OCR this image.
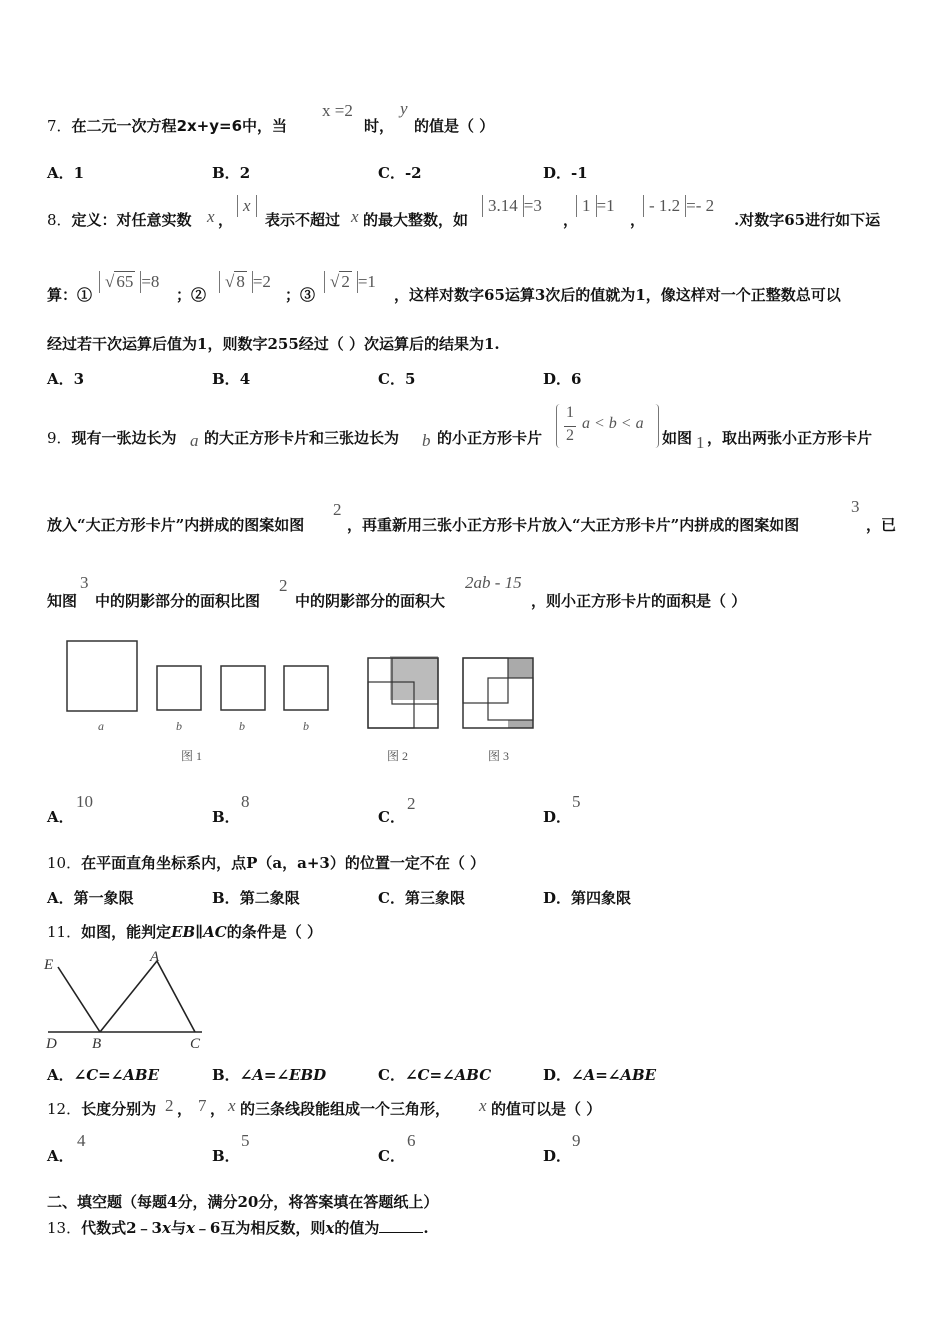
7．在二元一次方程2x+y=6中，当
x =2
时，
y
的值是（ ）
A．1	B．2	C．-2	D．-1
8．定义：对任意实数 x ，
x
表示不超过 x 的最大整数，如
3.14 =3
，
1 =1
，
- 1.2 =- 2
.对数字65进行如下运
算：①
√ 65 =8
；②
√ 8 =2
；③
√ 2 =1
，这样对数字65运算3次后的值就为1，像这样对一个正整数总可以
经过若干次运算后值为1，则数字255经过（ ）次运算后的结果为1.
A．3	B．4	C．5	D．6
9．现有一张边长为 a 的大正方形卡片和三张边长为 b 的小正方形卡片
1
2
a < b < a
如图 1 ，取出两张小正方形卡片
放入“大正方形卡片”内拼成的图案如图
2
，再重新用三张小正方形卡片放入“大正方形卡片”内拼成的图案如图
3
，已
知图
3
中的阴影部分的面积比图
2
中的阴影部分的面积大
2ab - 15
，则小正方形卡片的面积是（ ）
a	b	b	b
图 1	图 2	图 3
A．
10
B．
8
C．
2
D．
5
10．在平面直角坐标系内，点P（a，a+3）的位置一定不在（ ）
A．第一象限	B．第二象限	C．第三象限	D．第四象限
11．如图，能判定EB∥AC的条件是（ ）
E	A
D B	C
A．∠C=∠ABE	B．∠A=∠EBD	C．∠C=∠ABC	D．∠A=∠ABE
12．长度分别为 2 ， 7 ， x 的三条线段能组成一个三角形， x 的值可以是（ ）
A．
4
B．
5
C．
6
D．
9
二、填空题（每题4分，满分20分，将答案填在答题纸上）
13．代数式2﹣3x与x﹣6互为相反数，则x的值为	.
